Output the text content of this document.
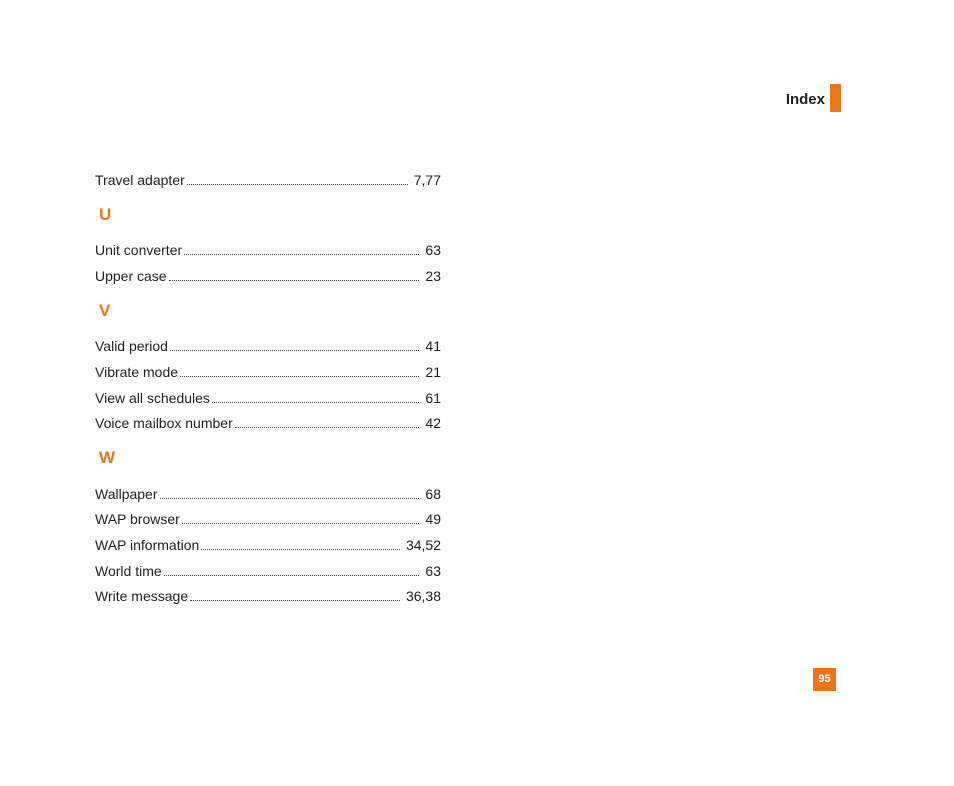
Index
Travel adapter	7,77
U
Unit converter	63
Upper case	23
V
Valid period	41
Vibrate mode	21
View all schedules	61
Voice mailbox number	42
W
Wallpaper	68
WAP browser	49
WAP information	34,52
World time	63
Write message	36,38
95
